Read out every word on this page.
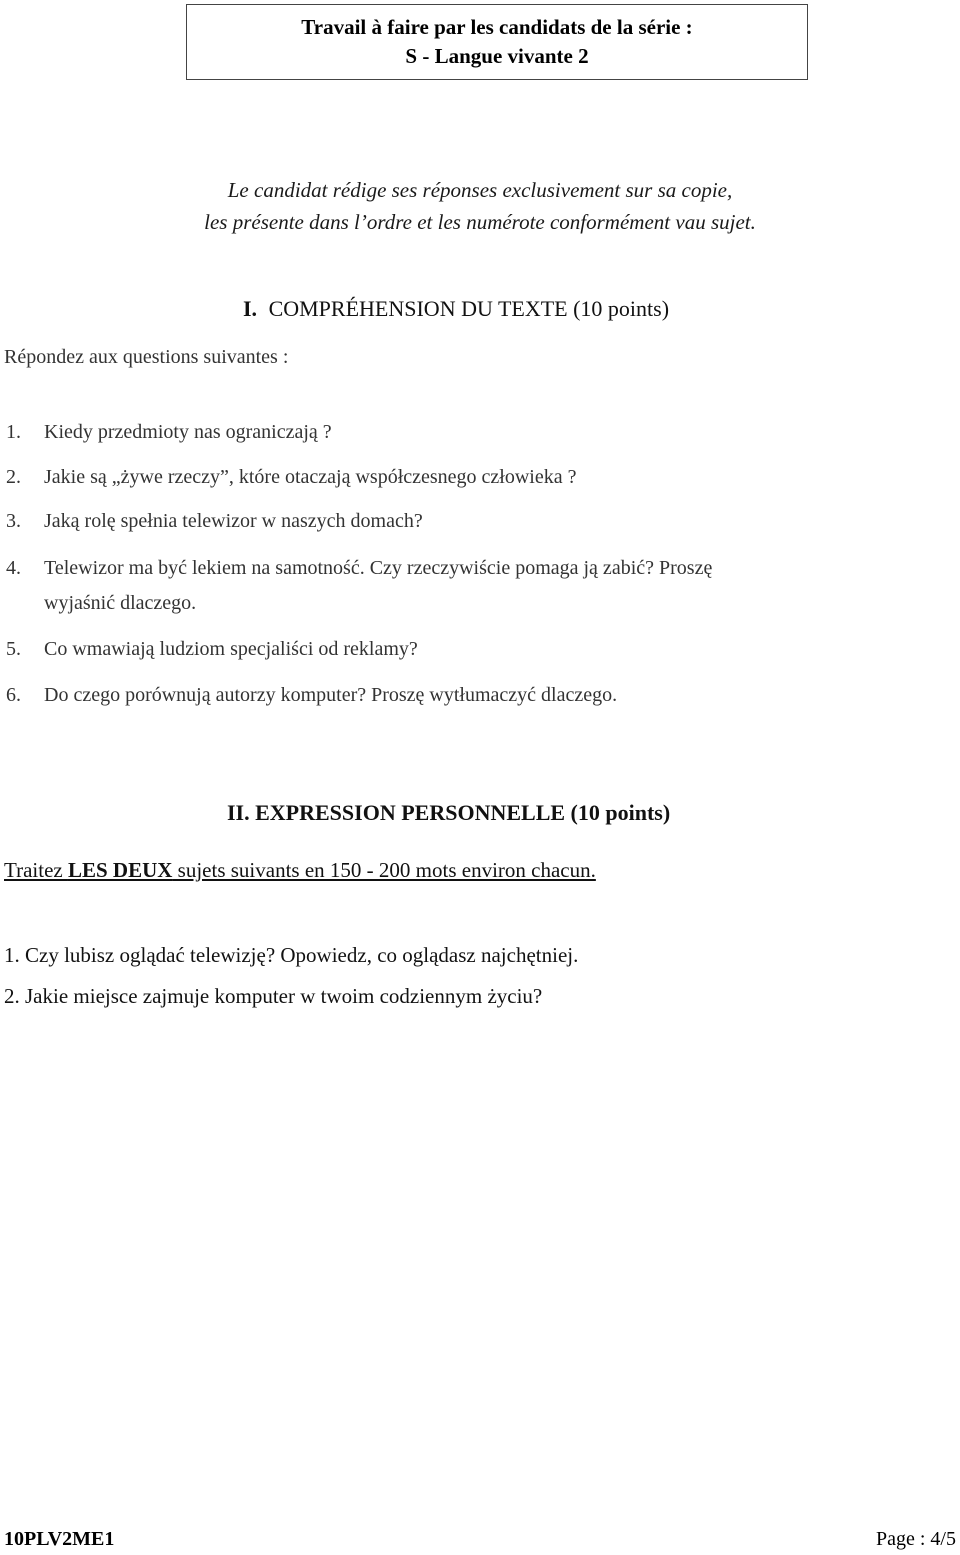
Travail à faire par les candidats de la série :
S - Langue vivante 2
Le candidat rédige ses réponses exclusivement sur sa copie,
les présente dans l’ordre et les numérote conformément vau sujet.
I. COMPRÉHENSION DU TEXTE (10 points)
Répondez aux questions suivantes :
1. Kiedy przedmioty nas ograniczają ?
2. Jakie są „żywe rzeczy”, które otaczają współczesnego człowieka ?
3. Jaką rolę spełnia telewizor w naszych domach?
4. Telewizor ma być lekiem na samotność. Czy rzeczywiście pomaga ją zabić? Proszę
wyjaśnić dlaczego.
5. Co wmawiają ludziom specjaliści od reklamy?
6. Do czego porównują autorzy komputer? Proszę wytłumaczyć dlaczego.
II. EXPRESSION PERSONNELLE (10 points)
Traitez LES DEUX sujets suivants en 150 - 200 mots environ chacun.
1. Czy lubisz oglądać telewizję? Opowiedz, co oglądasz najchętniej.
2. Jakie miejsce zajmuje komputer w twoim codziennym życiu?
10PLV2ME1	Page : 4/5
